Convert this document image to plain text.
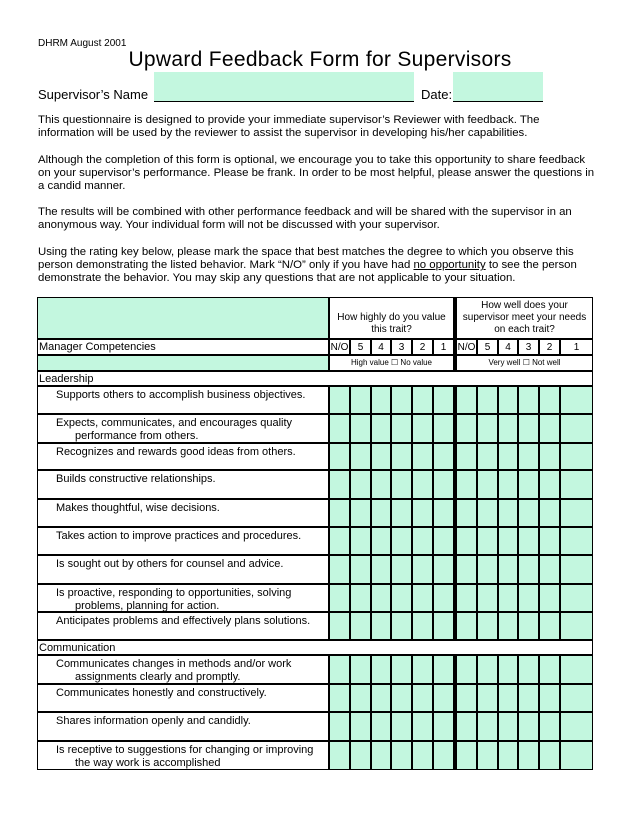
DHRM August 2001
Upward Feedback Form for Supervisors
Supervisor’s Name	Date:

This questionnaire is designed to provide your immediate supervisor’s Reviewer with feedback. The information will be used by the reviewer to assist the supervisor in developing his/her capabilities.

Although the completion of this form is optional, we encourage you to take this opportunity to share feedback on your supervisor’s performance. Please be frank. In order to be most helpful, please answer the questions in a candid manner.

The results will be combined with other performance feedback and will be shared with the supervisor in an anonymous way. Your individual form will not be discussed with your supervisor.

Using the rating key below, please mark the space that best matches the degree to which you observe this person demonstrating the listed behavior. Mark “N/O” only if you have had no opportunity to see the person demonstrate the behavior. You may skip any questions that are not applicable to your situation.

How highly do you value this trait?
How well does your supervisor meet your needs on each trait?
Manager Competencies	N/O 5	4	3	2	1	N/O 5	4	3	2	1
High value ☐ No value	Very well ☐ Not well
Leadership
Supports others to accomplish business objectives.
Expects, communicates, and encourages quality
performance from others.
Recognizes and rewards good ideas from others.
Builds constructive relationships.
Makes thoughtful, wise decisions.
Takes action to improve practices and procedures.
Is sought out by others for counsel and advice.
Is proactive, responding to opportunities, solving
problems, planning for action.
Anticipates problems and effectively plans solutions.
Communication
Communicates changes in methods and/or work
assignments clearly and promptly.
Communicates honestly and constructively.
Shares information openly and candidly.
Is receptive to suggestions for changing or improving
the way work is accomplished
